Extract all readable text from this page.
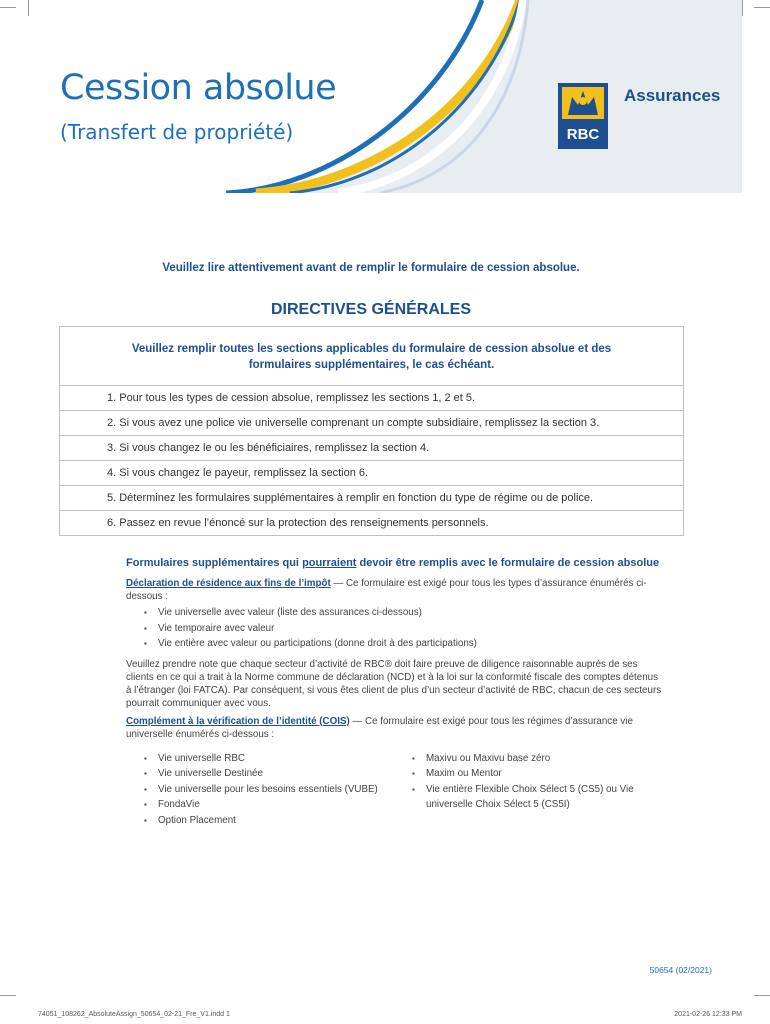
Cession absolue
(Transfert de propriété)	RBC
Assurances
Veuillez lire attentivement avant de remplir le formulaire de cession absolue.
DIRECTIVES GÉNÉRALES
Veuillez remplir toutes les sections applicables du formulaire de cession absolue et des formulaires supplémentaires, le cas échéant.
1. Pour tous les types de cession absolue, remplissez les sections 1, 2 et 5.
2. Si vous avez une police vie universelle comprenant un compte subsidiaire, remplissez la section 3.
3. Si vous changez le ou les bénéficiaires, remplissez la section 4.
4. Si vous changez le payeur, remplissez la section 6.
5. Déterminez les formulaires supplémentaires à remplir en fonction du type de régime ou de police.
6. Passez en revue l’énoncé sur la protection des renseignements personnels.
Formulaires supplémentaires qui pourraient devoir être remplis avec le formulaire de cession absolue
Déclaration de résidence aux fins de l’impôt — Ce formulaire est exigé pour tous les types d’assurance énumérés ci-dessous :
▪ Vie universelle avec valeur (liste des assurances ci-dessous)
▪ Vie temporaire avec valeur
▪ Vie entière avec valeur ou participations (donne droit à des participations)
Veuillez prendre note que chaque secteur d’activité de RBC® doit faire preuve de diligence raisonnable auprès de ses clients en ce qui a trait à la Norme commune de déclaration (NCD) et à la loi sur la conformité fiscale des comptes détenus à l’étranger (loi FATCA). Par conséquent, si vous êtes client de plus d’un secteur d’activité de RBC, chacun de ces secteurs pourrait communiquer avec vous.
Complément à la vérification de l’identité (COIS) — Ce formulaire est exigé pour tous les régimes d’assurance vie universelle énumérés ci-dessous :
▪ Vie universelle RBC
▪ Vie universelle Destinée
▪ Vie universelle pour les besoins essentiels (VUBE)
▪ FondaVie
▪ Option Placement
▪ Maxivu ou Maxivu base zéro
▪ Maxim ou Mentor
▪ Vie entière Flexible Choix Sélect 5 (CS5) ou Vie universelle Choix Sélect 5 (CS5I)
50654 (02/2021)
74051_108262_AbsoluteAssign_50654_02-21_Fre_V1.indd 1	2021-02-26 12:33 PM
